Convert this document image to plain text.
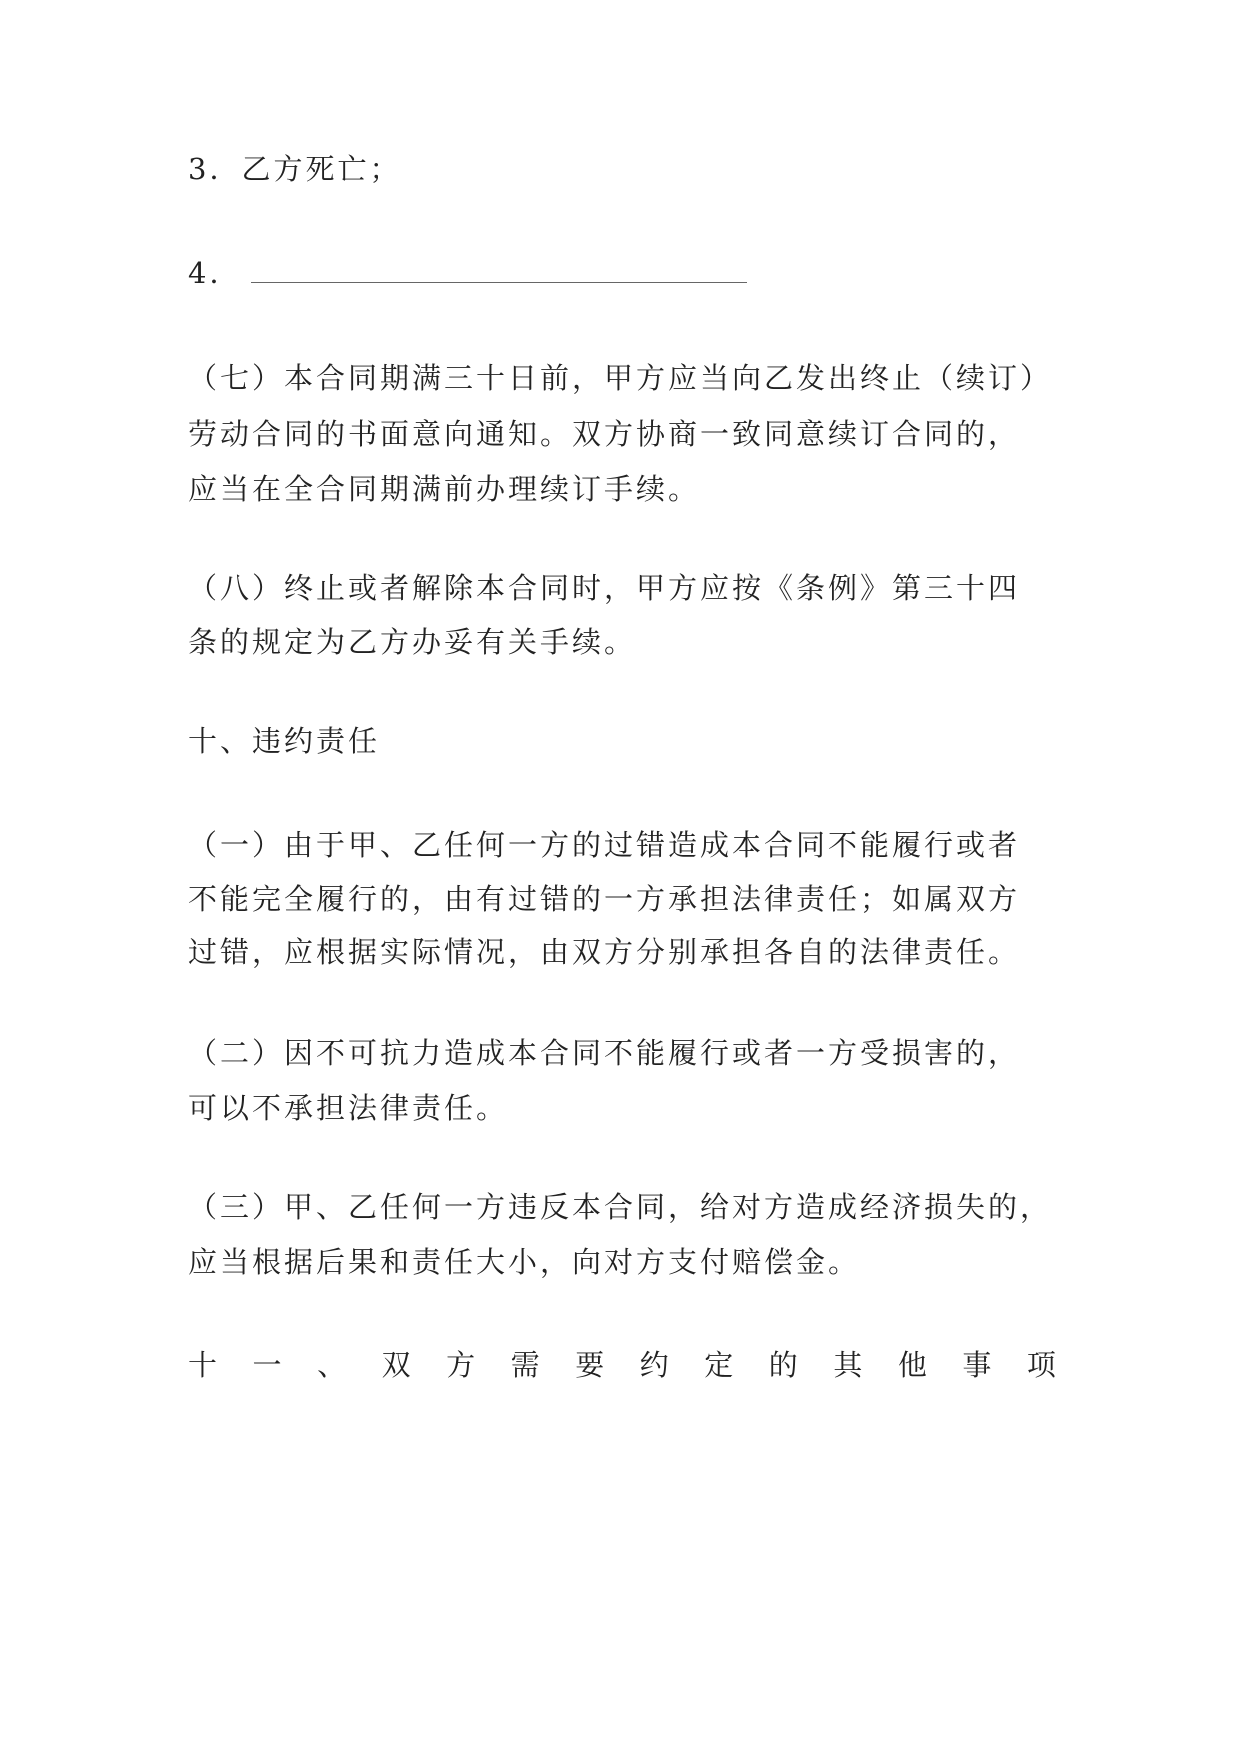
3．乙方死亡；

4．

（七）本合同期满三十日前，甲方应当向乙发出终止（续订）

劳动合同的书面意向通知。双方协商一致同意续订合同的，

应当在全合同期满前办理续订手续。

（八）终止或者解除本合同时，甲方应按《条例》第三十四

条的规定为乙方办妥有关手续。

十、违约责任

（一）由于甲、乙任何一方的过错造成本合同不能履行或者

不能完全履行的，由有过错的一方承担法律责任；如属双方

过错，应根据实际情况，由双方分别承担各自的法律责任。

（二）因不可抗力造成本合同不能履行或者一方受损害的，

可以不承担法律责任。

（三）甲、乙任何一方违反本合同，给对方造成经济损失的，

应当根据后果和责任大小，向对方支付赔偿金。

十 一 、 双 方 需 要 约 定 的 其 他 事 项
